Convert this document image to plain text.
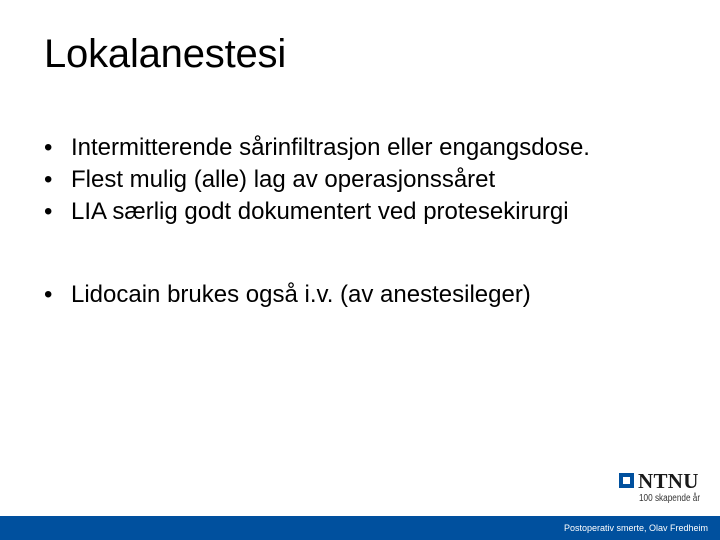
Lokalanestesi
• Intermitterende sårinfiltrasjon eller engangsdose.
• Flest mulig (alle) lag av operasjonssåret
• LIA særlig godt dokumentert ved protesekirurgi
• Lidocain brukes også i.v. (av anestesileger)
NTNU
100 skapende år
Postoperativ smerte, Olav Fredheim
